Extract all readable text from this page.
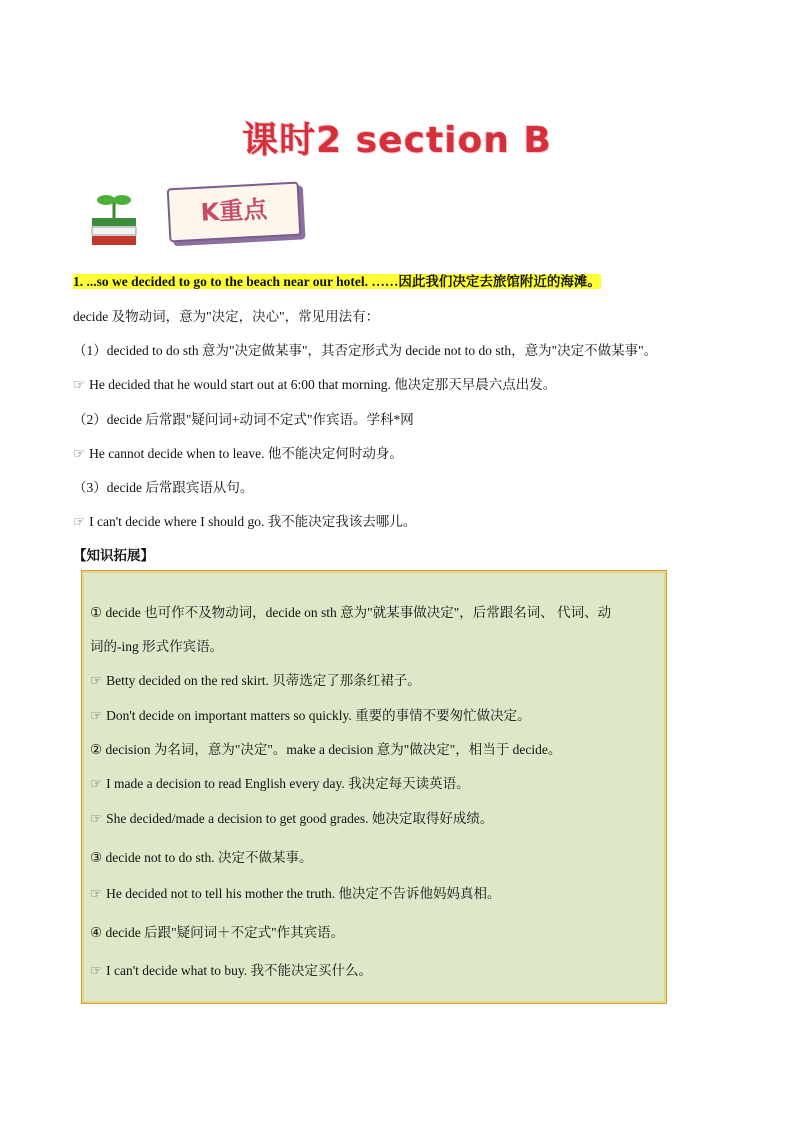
课时2 section B
K重点
1. ...so we decided to go to the beach near our hotel. ……因此我们决定去旅馆附近的海滩。
decide 及物动词，意为"决定，决心"，常见用法有：
（1）decided to do sth 意为"决定做某事"，其否定形式为 decide not to do sth，意为"决定不做某事"。
☞ He decided that he would start out at 6:00 that morning. 他决定那天早晨六点出发。
（2）decide 后常跟"疑问词+动词不定式"作宾语。学科*网
☞ He cannot decide when to leave. 他不能决定何时动身。
（3）decide 后常跟宾语从句。
☞ I can't decide where I should go. 我不能决定我该去哪儿。
【知识拓展】
① decide 也可作不及物动词，decide on sth 意为"就某事做决定"，后常跟名词、 代词、动
词的-ing 形式作宾语。
☞ Betty decided on the red skirt. 贝蒂选定了那条红裙子。
☞ Don't decide on important matters so quickly. 重要的事情不要匆忙做决定。
② decision 为名词，意为"决定"。make a decision 意为"做决定"，相当于 decide。
☞ I made a decision to read English every day. 我决定每天读英语。
☞ She decided/made a decision to get good grades. 她决定取得好成绩。
③ decide not to do sth. 决定不做某事。
☞ He decided not to tell his mother the truth. 他决定不告诉他妈妈真相。
④ decide 后跟"疑问词＋不定式"作其宾语。
☞ I can't decide what to buy. 我不能决定买什么。
